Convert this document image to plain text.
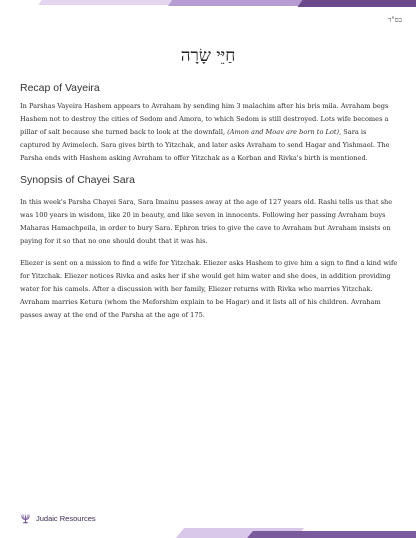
בס"ד
חַיֵּי שָׂרָה
Recap of Vayeira

In Parshas Vayeira Hashem appears to Avraham by sending him 3 malachim after his bris mila. Avraham begs Hashem not to destroy the cities of Sedom and Amora, to which Sedom is still destroyed. Lots wife becomes a pillar of salt because she turned back to look at the downfall, (Amon and Moav are born to Lot), Sara is captured by Avimelech. Sara gives birth to Yitzchak, and later asks Avraham to send Hagar and Yishmael. The Parsha ends with Hashem asking Avraham to offer Yitzchak as a Korban and Rivka's birth is mentioned.

Synopsis of Chayei Sara

In this week's Parsha Chayei Sara, Sara Imainu passes away at the age of 127 years old. Rashi tells us that she was 100 years in wisdom, like 20 in beauty, and like seven in innocents. Following her passing Avraham buys Maharas Hamachpeila, in order to bury Sara. Ephron tries to give the cave to Avraham but Avraham insists on paying for it so that no one should doubt that it was his.

Eliezer is sent on a mission to find a wife for Yitzchak. Eliezer asks Hashem to give him a sign to find a kind wife for Yitzchak. Eliezer notices Rivka and asks her if she would get him water and she does, in addition providing water for his camels. After a discussion with her family, Eliezer returns with Rivka who marries Yitzchak. Avraham marries Ketura (whom the Meforshim explain to be Hagar) and it lists all of his children. Avraham passes away at the end of the Parsha at the age of 175.

Judaic Resources
